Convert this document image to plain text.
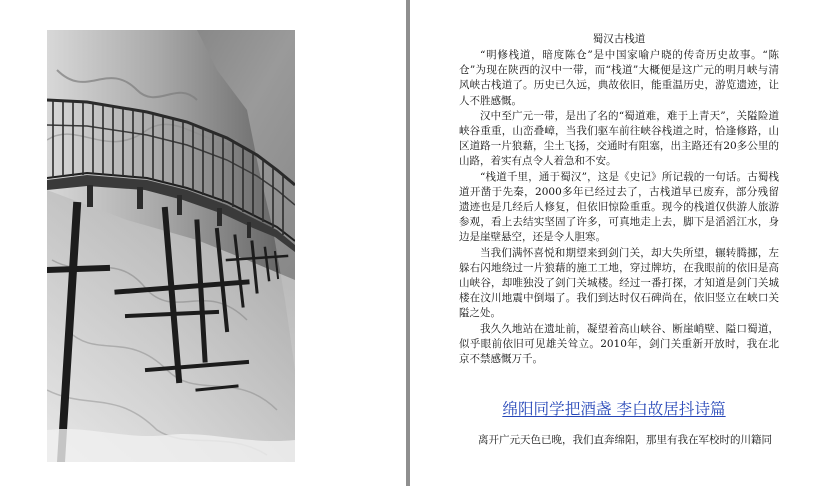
蜀汉古栈道

“明修栈道，暗度陈仓”是中国家喻户晓的传奇历史故事。“陈仓”为现在陕西的汉中一带，而“栈道”大概便是这广元的明月峡与清风峡古栈道了。历史已久远，典故依旧，能重温历史，游览遗迹，让人不胜感慨。

汉中至广元一带，是出了名的“蜀道难，难于上青天”，关隘险道峡谷重重，山峦叠嶂，当我们驱车前往峡谷栈道之时，恰逢修路，山区道路一片狼藉，尘土飞扬，交通时有阻塞，出主路还有20多公里的山路，着实有点令人着急和不安。

“栈道千里，通于蜀汉”，这是《史记》所记载的一句话。古蜀栈道开凿于先秦，2000多年已经过去了，古栈道早已废弃，部分残留遗迹也是几经后人修复，但依旧惊险重重。现今的栈道仅供游人旅游参观，看上去结实坚固了许多，可真地走上去，脚下是滔滔江水，身边是崖壁悬空，还是令人胆寒。

当我们满怀喜悦和期望来到剑门关，却大失所望，辗转腾挪，左躲右闪地绕过一片狼藉的施工工地，穿过牌坊，在我眼前的依旧是高山峡谷，却唯独没了剑门关城楼。经过一番打探，才知道是剑门关城楼在汶川地震中倒塌了。我们到达时仅石碑尚在，依旧竖立在峡口关隘之处。

我久久地站在遗址前，凝望着高山峡谷、断崖峭壁、隘口蜀道，似乎眼前依旧可见雄关耸立。2010年，剑门关重新开放时，我在北京不禁感慨万千。

绵阳同学把酒盏 李白故居抖诗篇

离开广元天色已晚，我们直奔绵阳，那里有我在军校时的川籍同
